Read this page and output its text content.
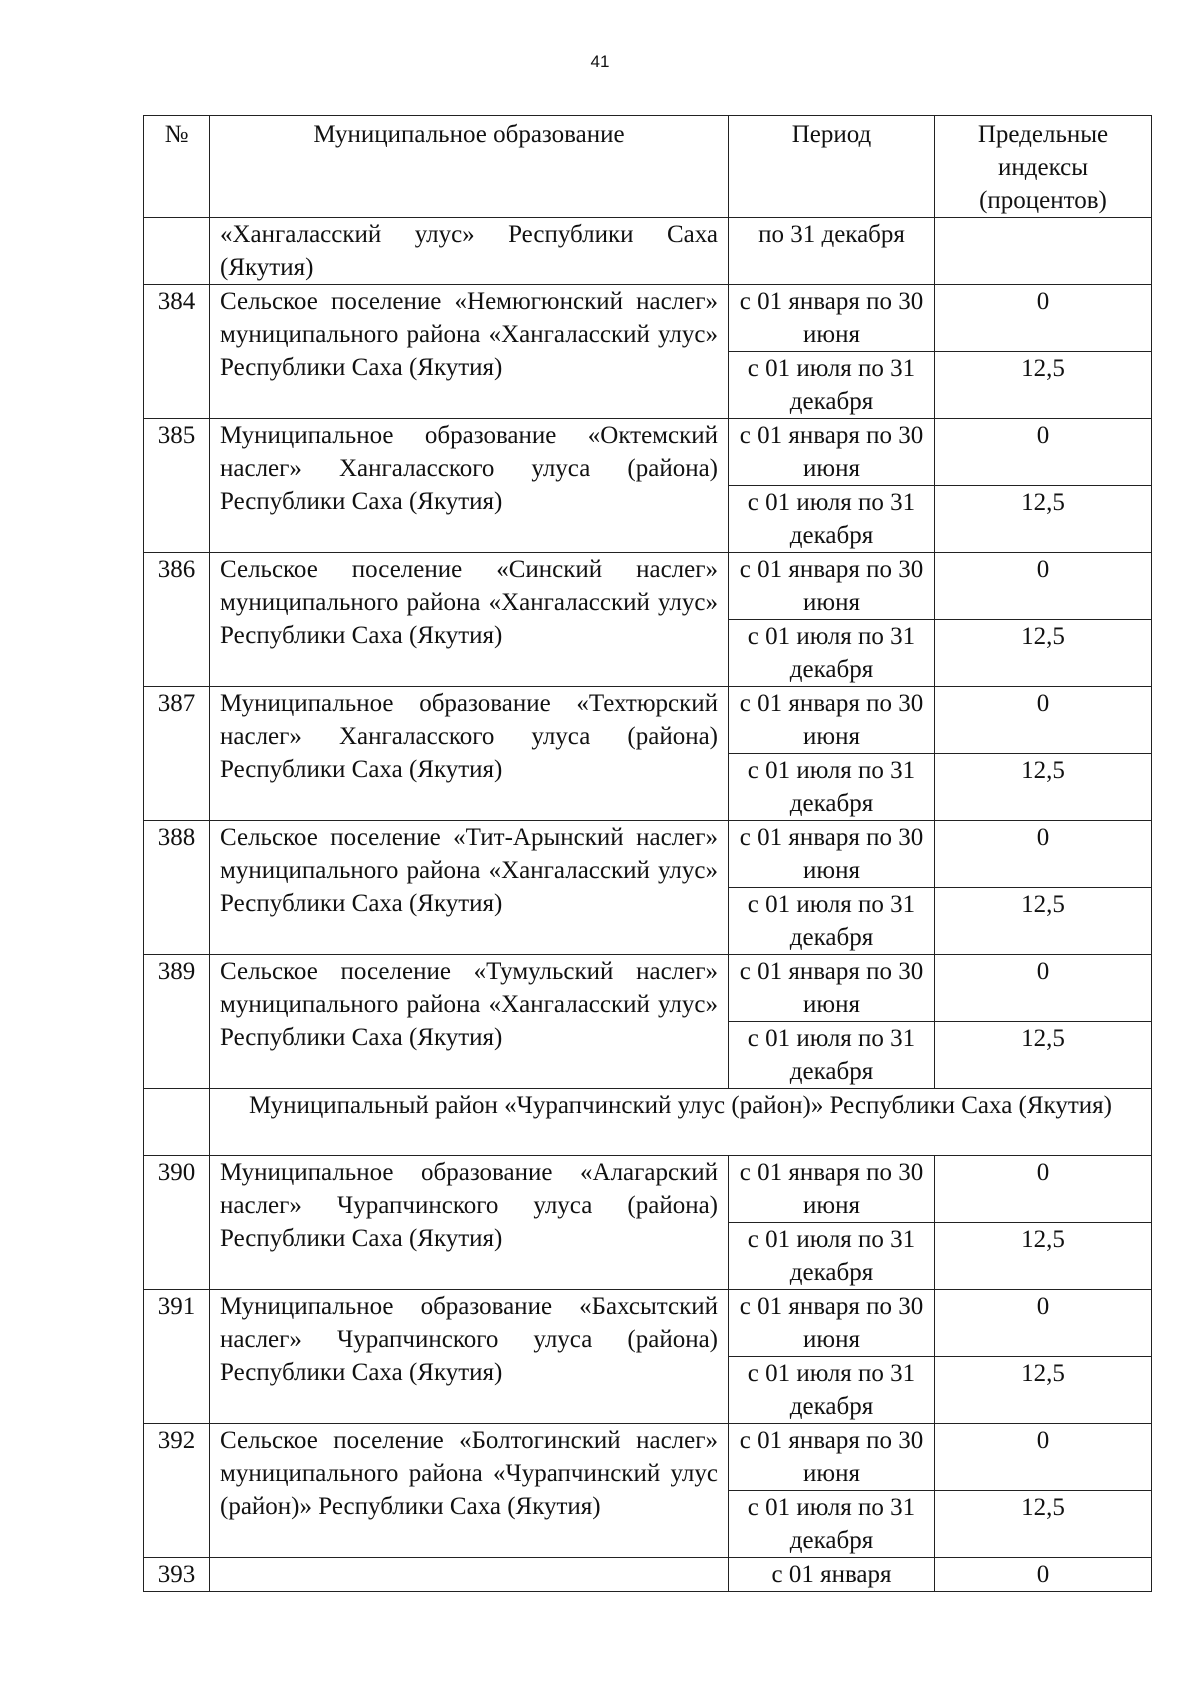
41
№	Муниципальное образование	Период	Предельные индексы (процентов)
	«Хангаласский улус» Республики Саха (Якутия)	по 31 декабря	
384	Сельское поселение «Немюгюнский наслег» муниципального района «Хангаласский улус» Республики Саха (Якутия)	с 01 января по 30 июня	0
		с 01 июля по 31 декабря	12,5
385	Муниципальное образование «Октемский наслег» Хангаласского улуса (района) Республики Саха (Якутия)	с 01 января по 30 июня	0
		с 01 июля по 31 декабря	12,5
386	Сельское поселение «Синский наслег» муниципального района «Хангаласский улус» Республики Саха (Якутия)	с 01 января по 30 июня	0
		с 01 июля по 31 декабря	12,5
387	Муниципальное образование «Техтюрский наслег» Хангаласского улуса (района) Республики Саха (Якутия)	с 01 января по 30 июня	0
		с 01 июля по 31 декабря	12,5
388	Сельское поселение «Тит-Арынский наслег» муниципального района «Хангаласский улус» Республики Саха (Якутия)	с 01 января по 30 июня	0
		с 01 июля по 31 декабря	12,5
389	Сельское поселение «Тумульский наслег» муниципального района «Хангаласский улус» Республики Саха (Якутия)	с 01 января по 30 июня	0
		с 01 июля по 31 декабря	12,5
	Муниципальный район «Чурапчинский улус (район)» Республики Саха (Якутия)		
390	Муниципальное образование «Алагарский наслег» Чурапчинского улуса (района) Республики Саха (Якутия)	с 01 января по 30 июня	0
		с 01 июля по 31 декабря	12,5
391	Муниципальное образование «Бахсытский наслег» Чурапчинского улуса (района) Республики Саха (Якутия)	с 01 января по 30 июня	0
		с 01 июля по 31 декабря	12,5
392	Сельское поселение «Болтогинский наслег» муниципального района «Чурапчинский улус (район)» Республики Саха (Якутия)	с 01 января по 30 июня	0
		с 01 июля по 31 декабря	12,5
393		с 01 января	0
